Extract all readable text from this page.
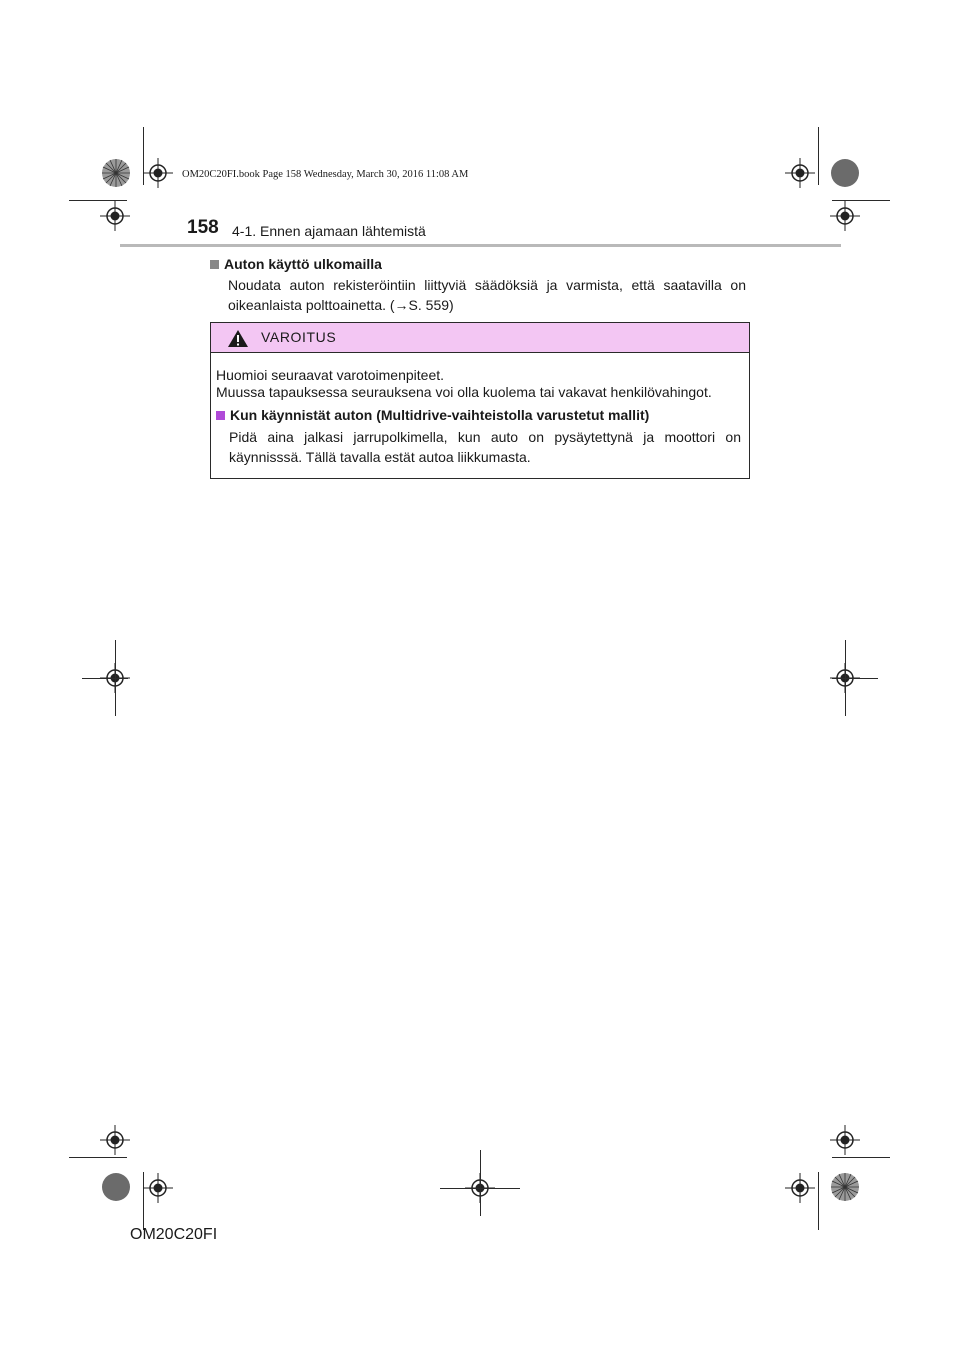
OM20C20FI.book Page 158 Wednesday, March 30, 2016 11:08 AM
158 4-1. Ennen ajamaan lähtemistä
Auton käyttö ulkomailla
Noudata auton rekisteröintiin liittyviä säädöksiä ja varmista, että saatavilla on oikeanlaista polttoainetta. (→S. 559)
VAROITUS
Huomioi seuraavat varotoimenpiteet.
Muussa tapauksessa seurauksena voi olla kuolema tai vakavat henkilövahingot.
Kun käynnistät auton (Multidrive-vaihteistolla varustetut mallit)
Pidä aina jalkasi jarrupolkimella, kun auto on pysäytettynä ja moottori on käynnisssä. Tällä tavalla estät autoa liikkumasta.
OM20C20FI
